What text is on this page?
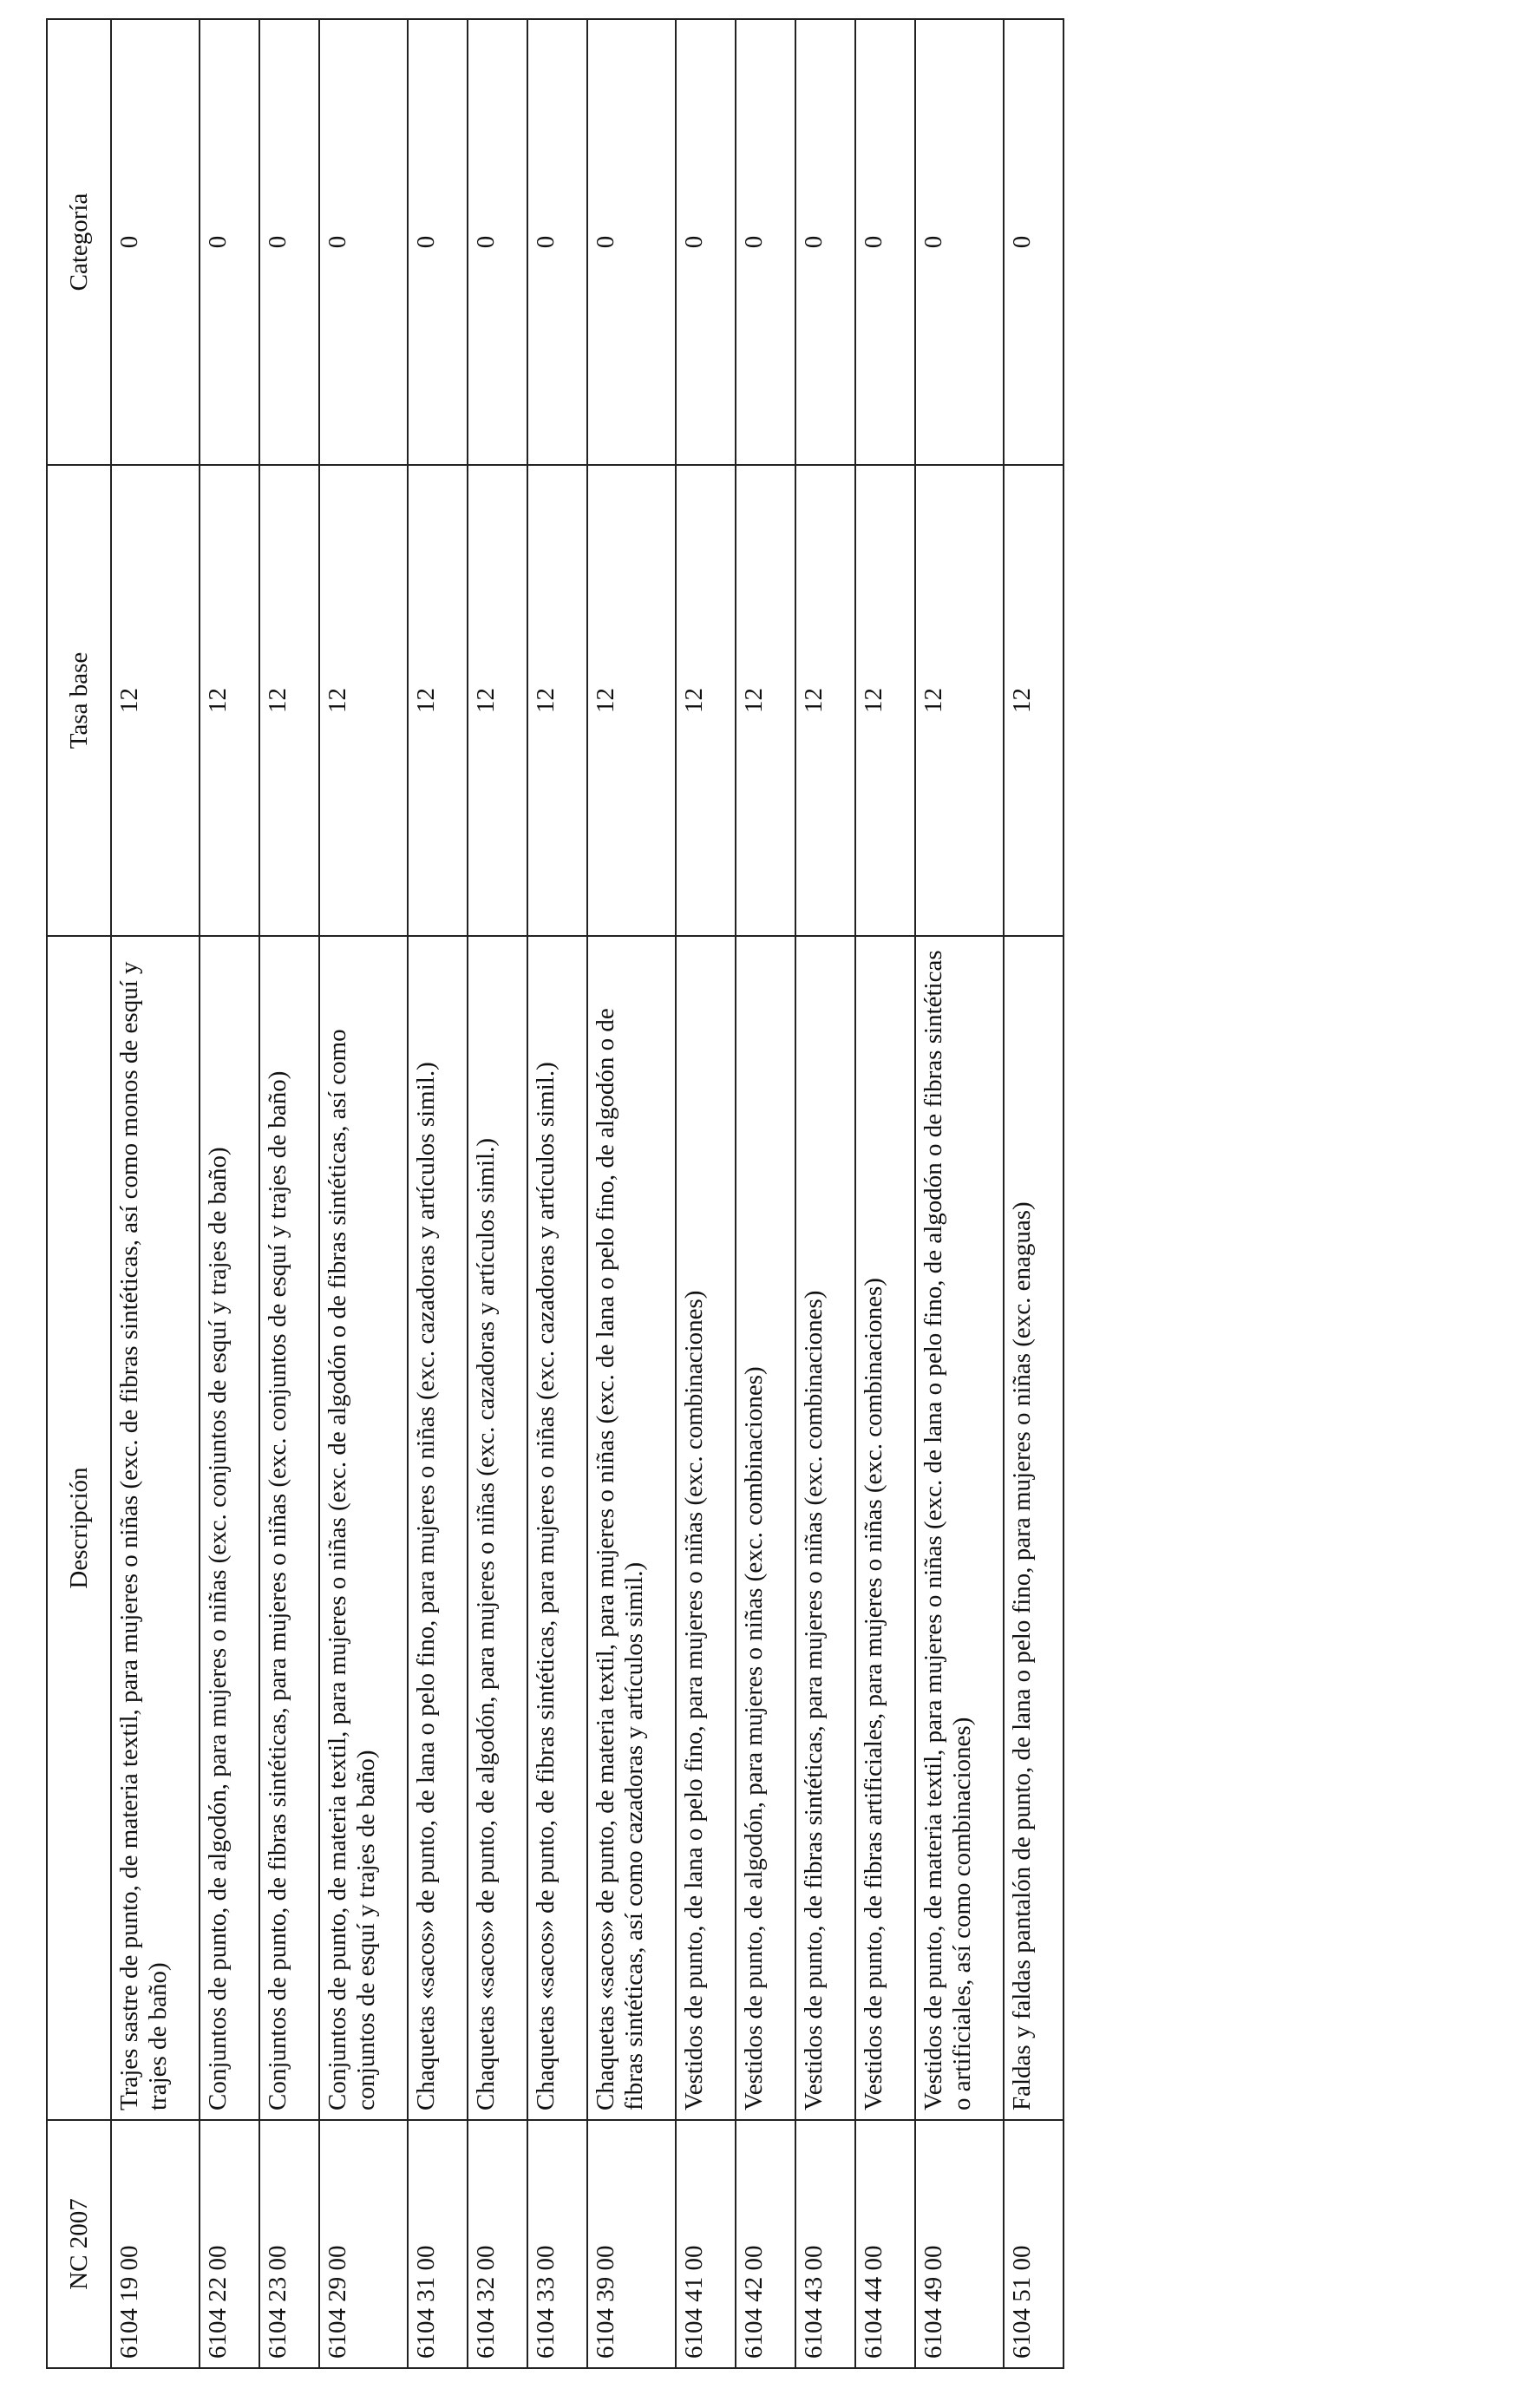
NC 2007	Descripción	Tasa base	Categoría
6104 19 00	Trajes sastre de punto, de materia textil, para mujeres o niñas (exc. de fibras sintéticas, así como monos de esquí y trajes de baño)	12	0
6104 22 00	Conjuntos de punto, de algodón, para mujeres o niñas (exc. conjuntos de esquí y trajes de baño)	12	0
6104 23 00	Conjuntos de punto, de fibras sintéticas, para mujeres o niñas (exc. conjuntos de esquí y trajes de baño)	12	0
6104 29 00	Conjuntos de punto, de materia textil, para mujeres o niñas (exc. de algodón o de fibras sintéticas, así como conjuntos de esquí y trajes de baño)	12	0
6104 31 00	Chaquetas «sacos» de punto, de lana o pelo fino, para mujeres o niñas (exc. cazadoras y artículos simil.)	12	0
6104 32 00	Chaquetas «sacos» de punto, de algodón, para mujeres o niñas (exc. cazadoras y artículos simil.)	12	0
6104 33 00	Chaquetas «sacos» de punto, de fibras sintéticas, para mujeres o niñas (exc. cazadoras y artículos simil.)	12	0
6104 39 00	Chaquetas «sacos» de punto, de materia textil, para mujeres o niñas (exc. de lana o pelo fino, de algodón o de fibras sintéticas, así como cazadoras y artículos simil.)	12	0
6104 41 00	Vestidos de punto, de lana o pelo fino, para mujeres o niñas (exc. combinaciones)	12	0
6104 42 00	Vestidos de punto, de algodón, para mujeres o niñas (exc. combinaciones)	12	0
6104 43 00	Vestidos de punto, de fibras sintéticas, para mujeres o niñas (exc. combinaciones)	12	0
6104 44 00	Vestidos de punto, de fibras artificiales, para mujeres o niñas (exc. combinaciones)	12	0
6104 49 00	Vestidos de punto, de materia textil, para mujeres o niñas (exc. de lana o pelo fino, de algodón o de fibras sintéticas o artificiales, así como combinaciones)	12	0
6104 51 00	Faldas y faldas pantalón de punto, de lana o pelo fino, para mujeres o niñas (exc. enaguas)	12	0
